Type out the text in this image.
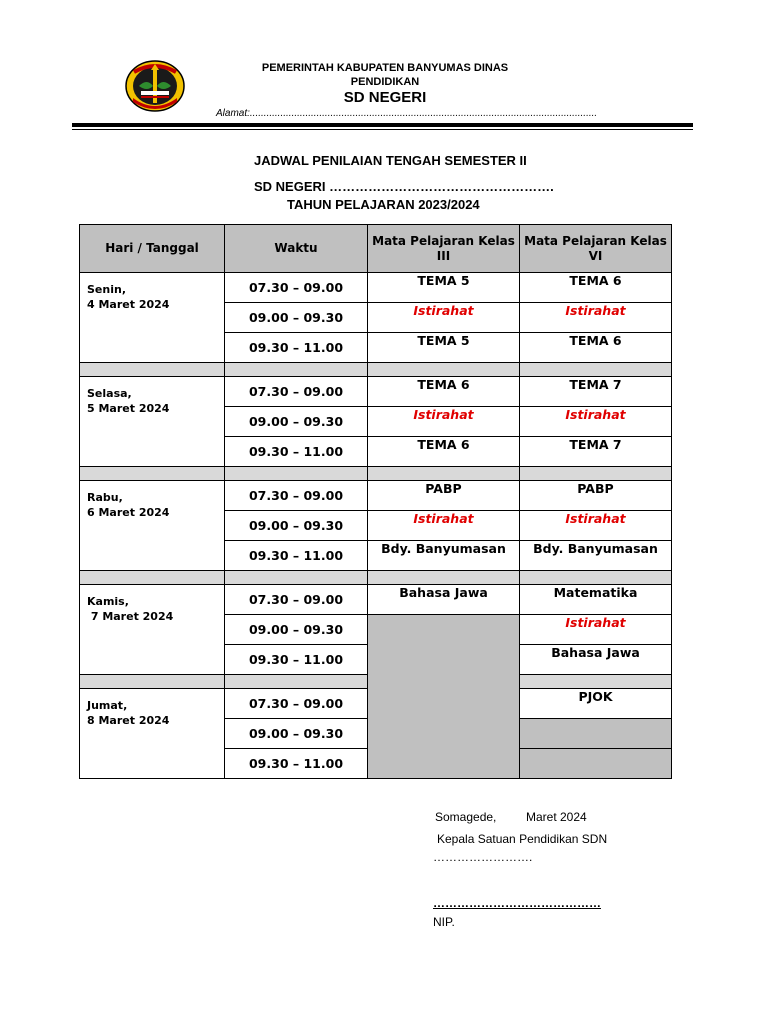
PEMERINTAH KABUPATEN BANYUMAS DINAS
PENDIDIKAN
SD NEGERI
Alamat:.............................................................................................................................
JADWAL PENILAIAN TENGAH SEMESTER II
SD NEGERI …………………………………………….
TAHUN PELAJARAN 2023/2024
Hari / Tanggal	Waktu	Mata Pelajaran Kelas III	Mata Pelajaran Kelas VI

Senin,
4 Maret 2024	07.30 – 09.00	TEMA 5	TEMA 6
	09.00 – 09.30	Istirahat	Istirahat
	09.30 – 11.00	TEMA 5	TEMA 6

Selasa,
5 Maret 2024	07.30 – 09.00	TEMA 6	TEMA 7
	09.00 – 09.30	Istirahat	Istirahat
	09.30 – 11.00	TEMA 6	TEMA 7

Rabu,
6 Maret 2024	07.30 – 09.00	PABP	PABP
	09.00 – 09.30	Istirahat	Istirahat
	09.30 – 11.00	Bdy. Banyumasan	Bdy. Banyumasan

Kamis,
7 Maret 2024	07.30 – 09.00	Bahasa Jawa	Matematika
	09.00 – 09.30		Istirahat
	09.30 – 11.00		Bahasa Jawa

Jumat,
8 Maret 2024	07.30 – 09.00		PJOK
	09.00 – 09.30		
	09.30 – 11.00		
Somagede, Maret 2024
Kepala Satuan Pendidikan SDN
…………………….
……………………………………
NIP.
